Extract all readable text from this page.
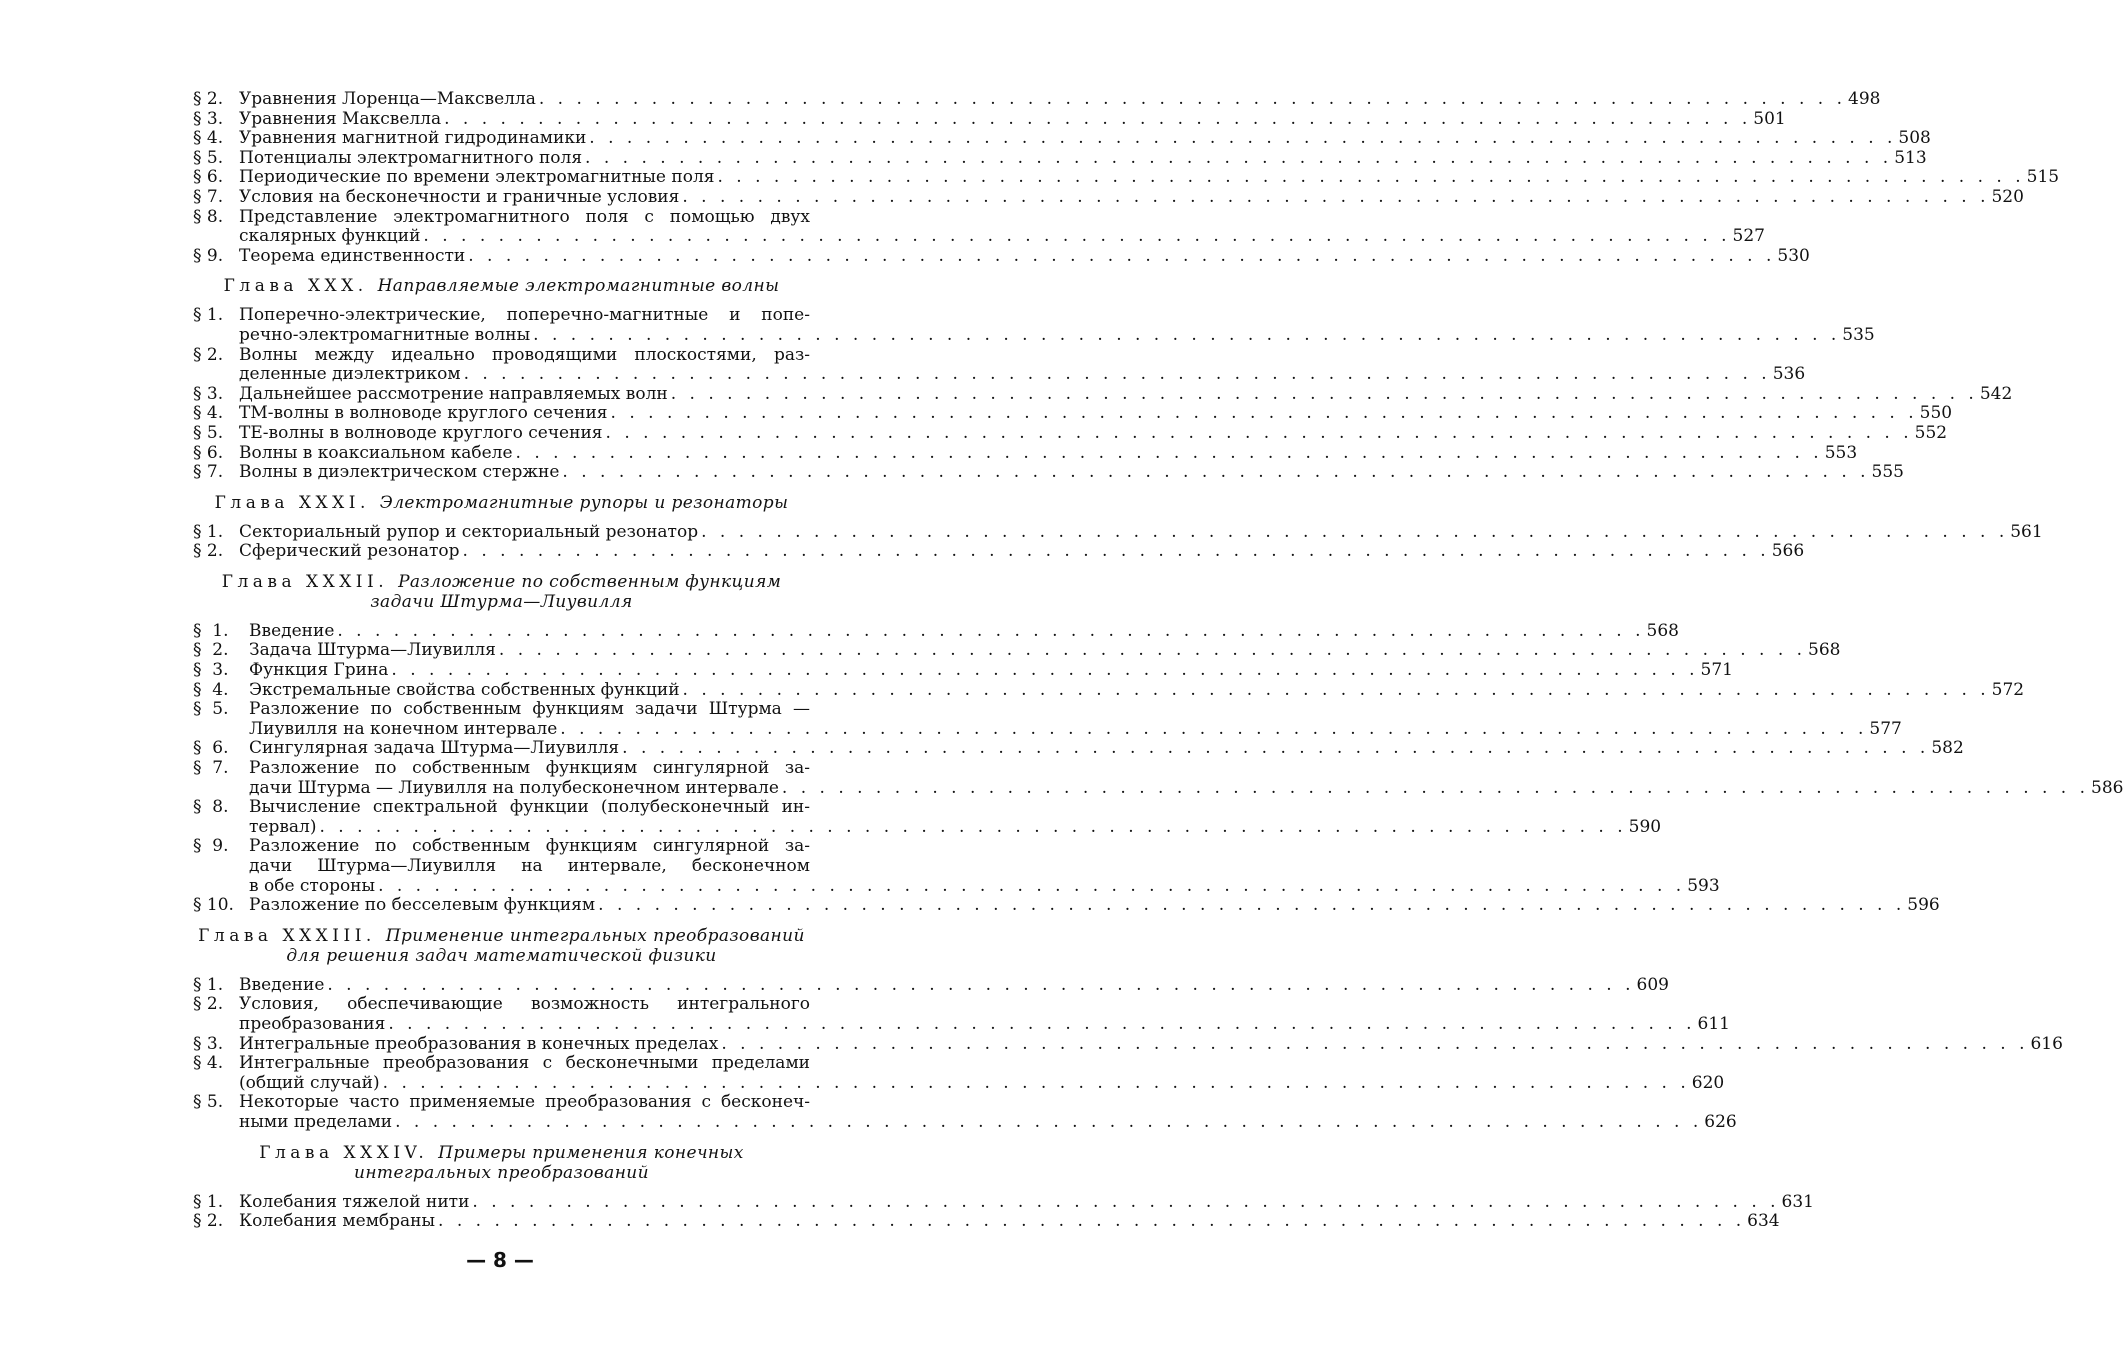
§ 2. Уравнения Лоренца—Максвелла . . . . . . . . . . . . . . . . . . . . . . . . . . . . . . . . . . . . . . . . . . . . . . . . . . . . . . . . . . . . . . . . . . . . . . 498
§ 3. Уравнения Максвелла . . . . . . . . . . . . . . . . . . . . . . . . . . . . . . . . . . . . . . . . . . . . . . . . . . . . . . . . . . . . . . . . . . . . . . 501
§ 4. Уравнения магнитной гидродинамики . . . . . . . . . . . . . . . . . . . . . . . . . . . . . . . . . . . . . . . . . . . . . . . . . . . . . . . . . . . . . . . . . . . . . . 508
§ 5. Потенциалы электромагнитного поля . . . . . . . . . . . . . . . . . . . . . . . . . . . . . . . . . . . . . . . . . . . . . . . . . . . . . . . . . . . . . . . . . . . . . . 513
§ 6. Периодические по времени электромагнитные поля . . . . . . . . . . . . . . . . . . . . . . . . . . . . . . . . . . . . . . . . . . . . . . . . . . . . . . . . . . . . . . . . . . . . . . 515
§ 7. Условия на бесконечности и граничные условия . . . . . . . . . . . . . . . . . . . . . . . . . . . . . . . . . . . . . . . . . . . . . . . . . . . . . . . . . . . . . . . . . . . . . . 520
§ 8. Представление электромагнитного поля с помощью двух
скалярных функций . . . . . . . . . . . . . . . . . . . . . . . . . . . . . . . . . . . . . . . . . . . . . . . . . . . . . . . . . . . . . . . . . . . . . . 527
§ 9. Теорема единственности . . . . . . . . . . . . . . . . . . . . . . . . . . . . . . . . . . . . . . . . . . . . . . . . . . . . . . . . . . . . . . . . . . . . . . 530
Глава XXX. Направляемые электромагнитные волны
§ 1. Поперечно-электрические, поперечно-магнитные и попе-
речно-электромагнитные волны . . . . . . . . . . . . . . . . . . . . . . . . . . . . . . . . . . . . . . . . . . . . . . . . . . . . . . . . . . . . . . . . . . . . . . 535
§ 2. Волны между идеально проводящими плоскостями, раз-
деленные диэлектриком . . . . . . . . . . . . . . . . . . . . . . . . . . . . . . . . . . . . . . . . . . . . . . . . . . . . . . . . . . . . . . . . . . . . . . 536
§ 3. Дальнейшее рассмотрение направляемых волн . . . . . . . . . . . . . . . . . . . . . . . . . . . . . . . . . . . . . . . . . . . . . . . . . . . . . . . . . . . . . . . . . . . . . . 542
§ 4. ТМ-волны в волноводе круглого сечения . . . . . . . . . . . . . . . . . . . . . . . . . . . . . . . . . . . . . . . . . . . . . . . . . . . . . . . . . . . . . . . . . . . . . . 550
§ 5. ТЕ-волны в волноводе круглого сечения . . . . . . . . . . . . . . . . . . . . . . . . . . . . . . . . . . . . . . . . . . . . . . . . . . . . . . . . . . . . . . . . . . . . . . 552
§ 6. Волны в коаксиальном кабеле . . . . . . . . . . . . . . . . . . . . . . . . . . . . . . . . . . . . . . . . . . . . . . . . . . . . . . . . . . . . . . . . . . . . . . 553
§ 7. Волны в диэлектрическом стержне . . . . . . . . . . . . . . . . . . . . . . . . . . . . . . . . . . . . . . . . . . . . . . . . . . . . . . . . . . . . . . . . . . . . . . 555
Глава XXXI. Электромагнитные рупоры и резонаторы
§ 1. Секториальный рупор и секториальный резонатор . . . . . . . . . . . . . . . . . . . . . . . . . . . . . . . . . . . . . . . . . . . . . . . . . . . . . . . . . . . . . . . . . . . . . . 561
§ 2. Сферический резонатор . . . . . . . . . . . . . . . . . . . . . . . . . . . . . . . . . . . . . . . . . . . . . . . . . . . . . . . . . . . . . . . . . . . . . . 566
Глава XXXII. Разложение по собственным функциям
задачи Штурма—Лиувилля
§  1.	Введение . . . . . . . . . . . . . . . . . . . . . . . . . . . . . . . . . . . . . . . . . . . . . . . . . . . . . . . . . . . . . . . . . . . . . . 568
§  2.	Задача Штурма—Лиувилля . . . . . . . . . . . . . . . . . . . . . . . . . . . . . . . . . . . . . . . . . . . . . . . . . . . . . . . . . . . . . . . . . . . . . . 568
§  3.	Функция Грина . . . . . . . . . . . . . . . . . . . . . . . . . . . . . . . . . . . . . . . . . . . . . . . . . . . . . . . . . . . . . . . . . . . . . . 571
§  4.	Экстремальные свойства собственных функций . . . . . . . . . . . . . . . . . . . . . . . . . . . . . . . . . . . . . . . . . . . . . . . . . . . . . . . . . . . . . . . . . . . . . . 572
§  5.	Разложение по собственным функциям задачи Штурма —
Лиувилля на конечном интервале . . . . . . . . . . . . . . . . . . . . . . . . . . . . . . . . . . . . . . . . . . . . . . . . . . . . . . . . . . . . . . . . . . . . . . 577
§  6.	Сингулярная задача Штурма—Лиувилля . . . . . . . . . . . . . . . . . . . . . . . . . . . . . . . . . . . . . . . . . . . . . . . . . . . . . . . . . . . . . . . . . . . . . . 582
§  7.	Разложение по собственным функциям сингулярной за-
дачи Штурма — Лиувилля на полубесконечном интервале . . . . . . . . . . . . . . . . . . . . . . . . . . . . . . . . . . . . . . . . . . . . . . . . . . . . . . . . . . . . . . . . . . . . . . 586
§  8.	Вычисление спектральной функции (полубесконечный ин-
тервал) . . . . . . . . . . . . . . . . . . . . . . . . . . . . . . . . . . . . . . . . . . . . . . . . . . . . . . . . . . . . . . . . . . . . . . 590
§  9.	Разложение по собственным функциям сингулярной за-
дачи Штурма—Лиувилля на интервале, бесконечном
в обе стороны . . . . . . . . . . . . . . . . . . . . . . . . . . . . . . . . . . . . . . . . . . . . . . . . . . . . . . . . . . . . . . . . . . . . . . 593
§ 10. Разложение по бесселевым функциям . . . . . . . . . . . . . . . . . . . . . . . . . . . . . . . . . . . . . . . . . . . . . . . . . . . . . . . . . . . . . . . . . . . . . . 596
Глава XXXIII. Применение интегральных преобразований
для решения задач математической физики
§ 1. Введение . . . . . . . . . . . . . . . . . . . . . . . . . . . . . . . . . . . . . . . . . . . . . . . . . . . . . . . . . . . . . . . . . . . . . . 609
§ 2. Условия, обеспечивающие возможность интегрального
преобразования . . . . . . . . . . . . . . . . . . . . . . . . . . . . . . . . . . . . . . . . . . . . . . . . . . . . . . . . . . . . . . . . . . . . . . 611
§ 3. Интегральные преобразования в конечных пределах . . . . . . . . . . . . . . . . . . . . . . . . . . . . . . . . . . . . . . . . . . . . . . . . . . . . . . . . . . . . . . . . . . . . . . 616
§ 4. Интегральные преобразования с бесконечными пределами
(общий случай) . . . . . . . . . . . . . . . . . . . . . . . . . . . . . . . . . . . . . . . . . . . . . . . . . . . . . . . . . . . . . . . . . . . . . . 620
§ 5. Некоторые часто применяемые преобразования с бесконеч-
ными пределами . . . . . . . . . . . . . . . . . . . . . . . . . . . . . . . . . . . . . . . . . . . . . . . . . . . . . . . . . . . . . . . . . . . . . . 626
Глава XXXIV. Примеры применения конечных
интегральных преобразований
§ 1. Колебания тяжелой нити . . . . . . . . . . . . . . . . . . . . . . . . . . . . . . . . . . . . . . . . . . . . . . . . . . . . . . . . . . . . . . . . . . . . . . 631
§ 2. Колебания мембраны . . . . . . . . . . . . . . . . . . . . . . . . . . . . . . . . . . . . . . . . . . . . . . . . . . . . . . . . . . . . . . . . . . . . . . 634
— 8 —
